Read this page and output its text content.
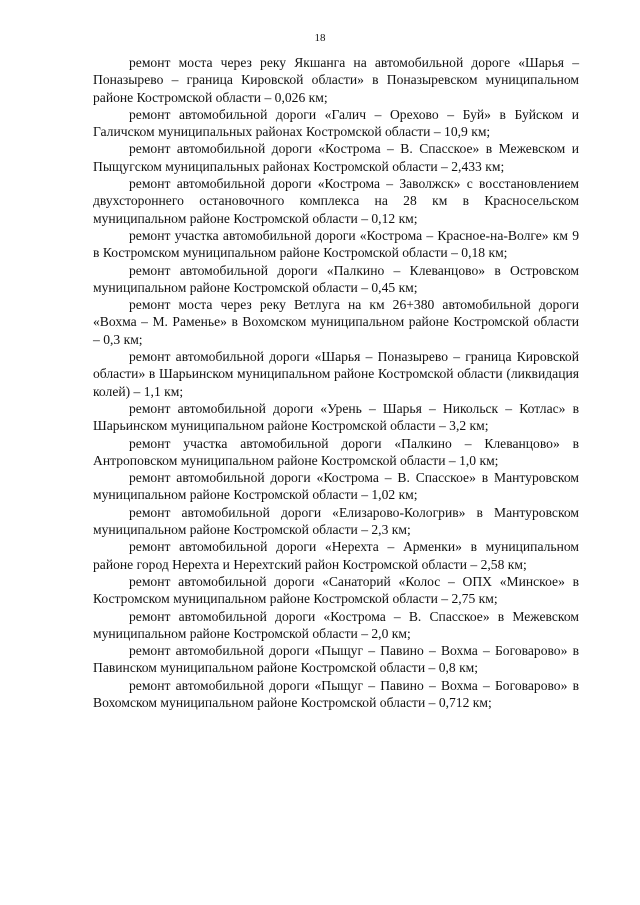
18

ремонт моста через реку Якшанга на автомобильной дороге «Шарья – Поназырево – граница Кировской области» в Поназыревском муниципальном районе Костромской области – 0,026 км;

ремонт автомобильной дороги «Галич – Орехово – Буй» в Буйском и Галичском муниципальных районах Костромской области – 10,9 км;

ремонт автомобильной дороги «Кострома – В. Спасское» в Межевском и Пыщугском муниципальных районах Костромской области – 2,433 км;

ремонт автомобильной дороги «Кострома – Заволжск» с восстановлением двухстороннего остановочного комплекса на 28 км в Красносельском муниципальном районе Костромской области – 0,12 км;

ремонт участка автомобильной дороги «Кострома – Красное-на-Волге» км 9 в Костромском муниципальном районе Костромской области – 0,18 км;

ремонт автомобильной дороги «Палкино – Клеванцово» в Островском муниципальном районе Костромской области – 0,45 км;

ремонт моста через реку Ветлуга на км 26+380 автомобильной дороги «Вохма – М. Раменье» в Вохомском муниципальном районе Костромской области – 0,3 км;

ремонт автомобильной дороги «Шарья – Поназырево – граница Кировской области» в Шарьинском муниципальном районе Костромской области (ликвидация колей) – 1,1 км;

ремонт автомобильной дороги «Урень – Шарья – Никольск – Котлас» в Шарьинском муниципальном районе Костромской области – 3,2 км;

ремонт участка автомобильной дороги «Палкино – Клеванцово» в Антроповском муниципальном районе Костромской области – 1,0 км;

ремонт автомобильной дороги «Кострома – В. Спасское» в Мантуровском муниципальном районе Костромской области – 1,02 км;

ремонт автомобильной дороги «Елизарово-Кологрив» в Мантуровском муниципальном районе Костромской области – 2,3 км;

ремонт автомобильной дороги «Нерехта – Арменки» в муниципальном районе город Нерехта и Нерехтский район Костромской области – 2,58 км;

ремонт автомобильной дороги «Санаторий «Колос – ОПХ «Минское» в Костромском муниципальном районе Костромской области – 2,75 км;

ремонт автомобильной дороги «Кострома – В. Спасское» в Межевском муниципальном районе Костромской области – 2,0 км;

ремонт автомобильной дороги «Пыщуг – Павино – Вохма – Боговарово» в Павинском муниципальном районе Костромской области – 0,8 км;

ремонт автомобильной дороги «Пыщуг – Павино – Вохма – Боговарово» в Вохомском муниципальном районе Костромской области – 0,712 км;
